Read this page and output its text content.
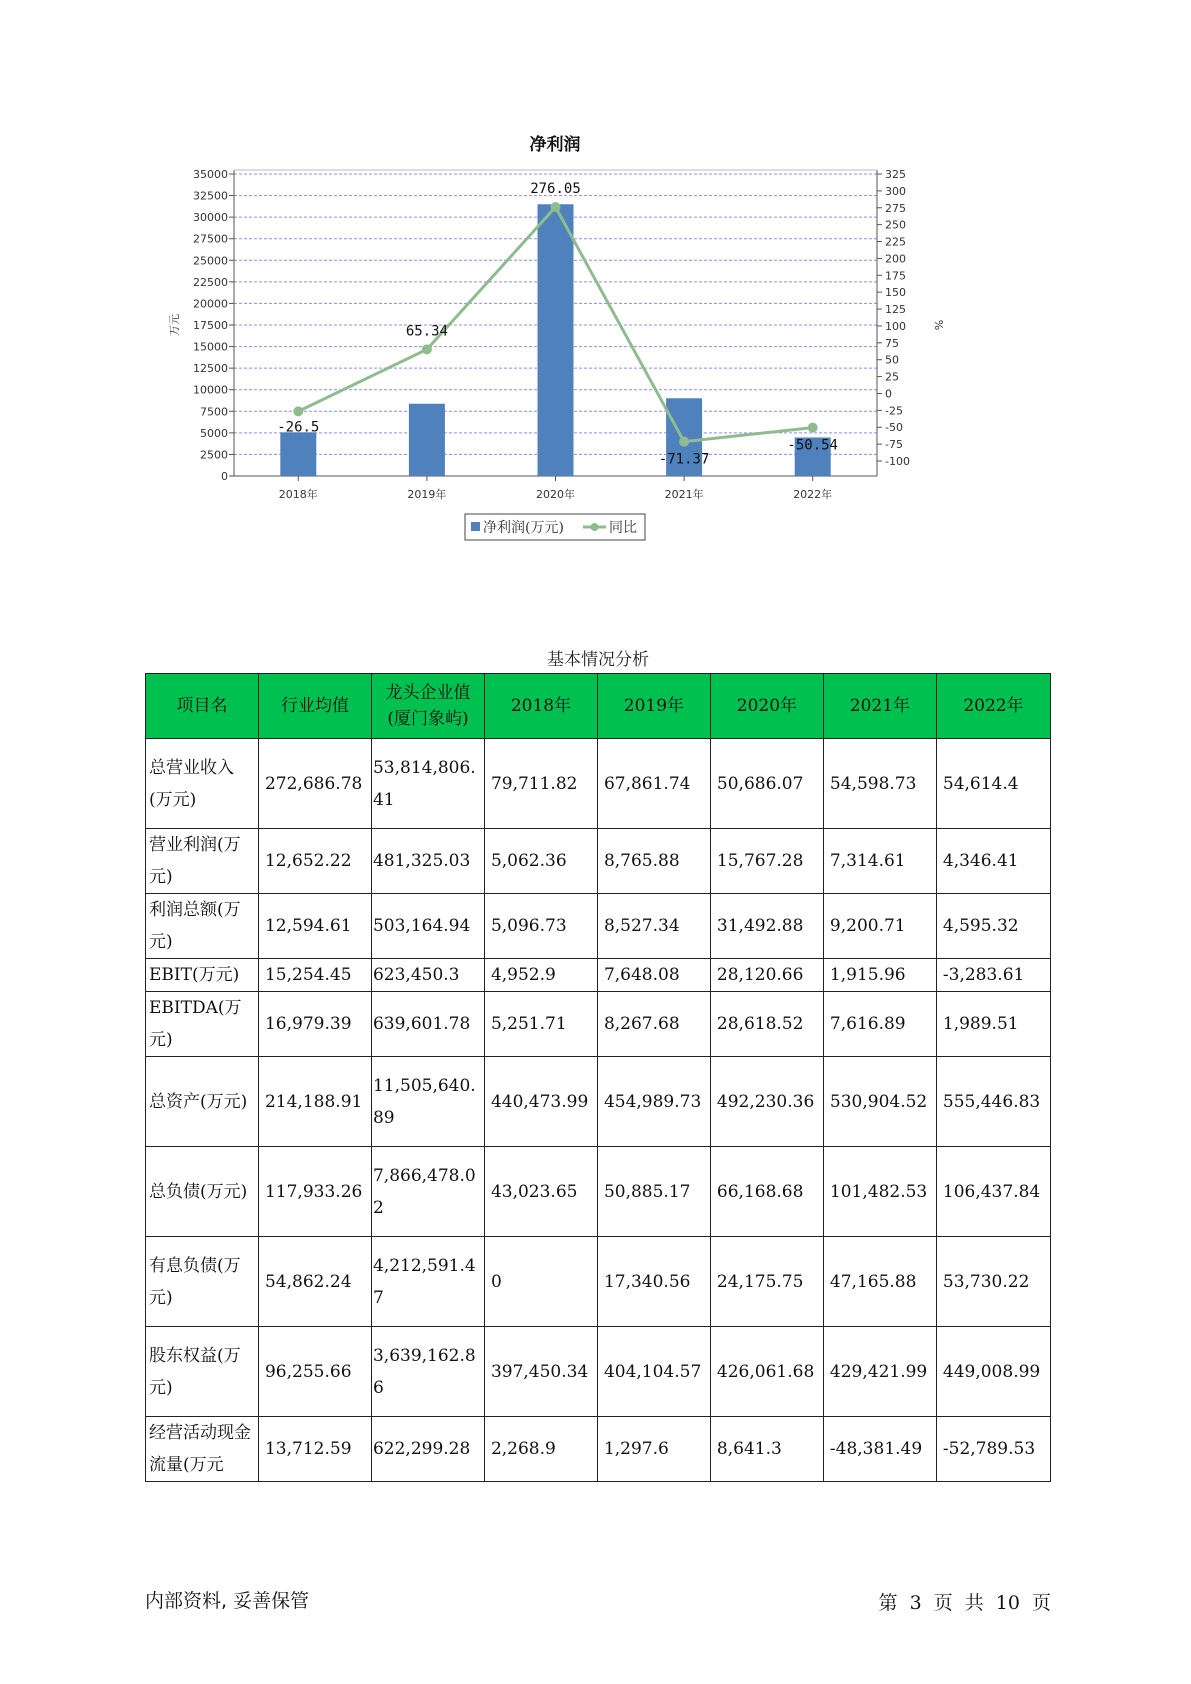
净利润
万元	%
0
2500
5000
7500
10000
12500
15000
17500
20000
22500
25000
27500
30000
32500
35000
-100
-75
-50
-25
0
25
50
75
100
125
150
175
200
225
250
275
300
325
-26.5
65.34
276.05
-71.37
-50.54
2018年	2019年	2020年	2021年	2022年
净利润(万元)	同比
基本情况分析
项目名	行业均值	龙头企业值(厦门象屿)	2018年	2019年	2020年	2021年	2022年
总营业收入(万元)	272,686.78	53,814,806.41	79,711.82	67,861.74	50,686.07	54,598.73	54,614.4
营业利润(万元)	12,652.22	481,325.03	5,062.36	8,765.88	15,767.28	7,314.61	4,346.41
利润总额(万元)	12,594.61	503,164.94	5,096.73	8,527.34	31,492.88	9,200.71	4,595.32
EBIT(万元)	15,254.45	623,450.3	4,952.9	7,648.08	28,120.66	1,915.96	-3,283.61
EBITDA(万元)	16,979.39	639,601.78	5,251.71	8,267.68	28,618.52	7,616.89	1,989.51
总资产(万元)	214,188.91	11,505,640.89	440,473.99	454,989.73	492,230.36	530,904.52	555,446.83
总负债(万元)	117,933.26	7,866,478.02	43,023.65	50,885.17	66,168.68	101,482.53	106,437.84
有息负债(万元)	54,862.24	4,212,591.47	0	17,340.56	24,175.75	47,165.88	53,730.22
股东权益(万元)	96,255.66	3,639,162.86	397,450.34	404,104.57	426,061.68	429,421.99	449,008.99
经营活动现金流量(万元	13,712.59	622,299.28	2,268.9	1,297.6	8,641.3	-48,381.49	-52,789.53
内部资料, 妥善保管	第 3 页 共 10 页
